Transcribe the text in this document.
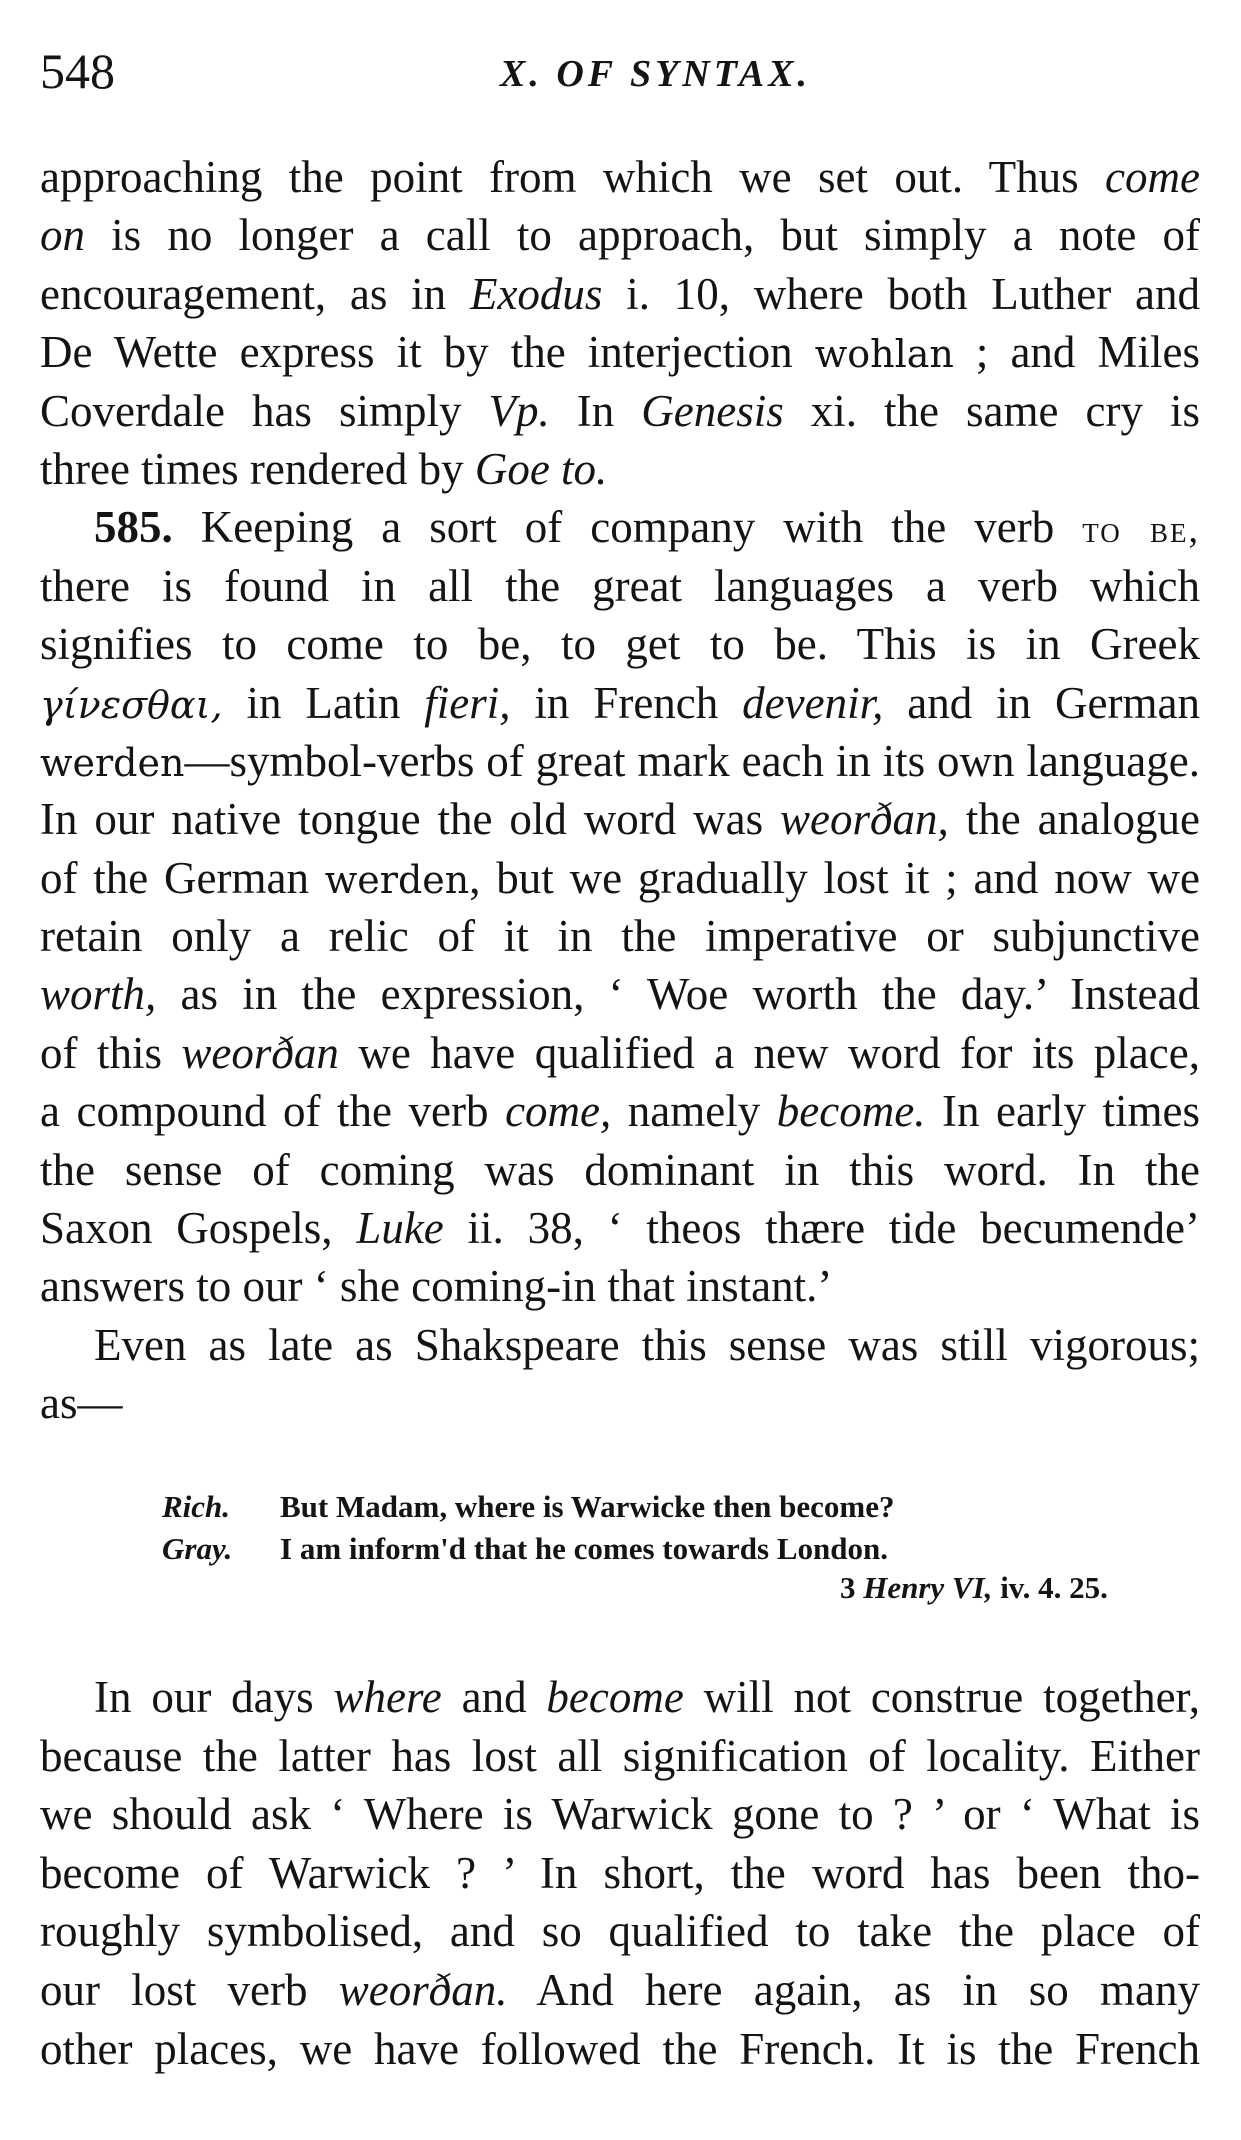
548	X. OF SYNTAX.
approaching the point from which we set out. Thus come
on is no longer a call to approach, but simply a note of
encouragement, as in Exodus i. 10, where both Luther and
De Wette express it by the interjection wohlan ; and Miles
Coverdale has simply Vp. In Genesis xi. the same cry is
three times rendered by Goe to.
585. Keeping a sort of company with the verb to be,
there is found in all the great languages a verb which
signifies to come to be, to get to be. This is in Greek
γίνεσθαι, in Latin fieri, in French devenir, and in German
werden—symbol-verbs of great mark each in its own language.
In our native tongue the old word was weorðan, the analogue
of the German werden, but we gradually lost it ; and now we
retain only a relic of it in the imperative or subjunctive
worth, as in the expression, ‘ Woe worth the day.’ Instead
of this weorðan we have qualified a new word for its place,
a compound of the verb come, namely become. In early times
the sense of coming was dominant in this word. In the
Saxon Gospels, Luke ii. 38, ‘ theos thære tide becumende’
answers to our ‘ she coming-in that instant.’
Even as late as Shakspeare this sense was still vigorous;
as—
Rich. But Madam, where is Warwicke then become?
Gray. I am inform'd that he comes towards London.
3 Henry VI, iv. 4. 25.
In our days where and become will not construe together,
because the latter has lost all signification of locality. Either
we should ask ‘ Where is Warwick gone to ? ’ or ‘ What is
become of Warwick ? ’ In short, the word has been tho-
roughly symbolised, and so qualified to take the place of
our lost verb weorðan. And here again, as in so many
other places, we have followed the French. It is the French
